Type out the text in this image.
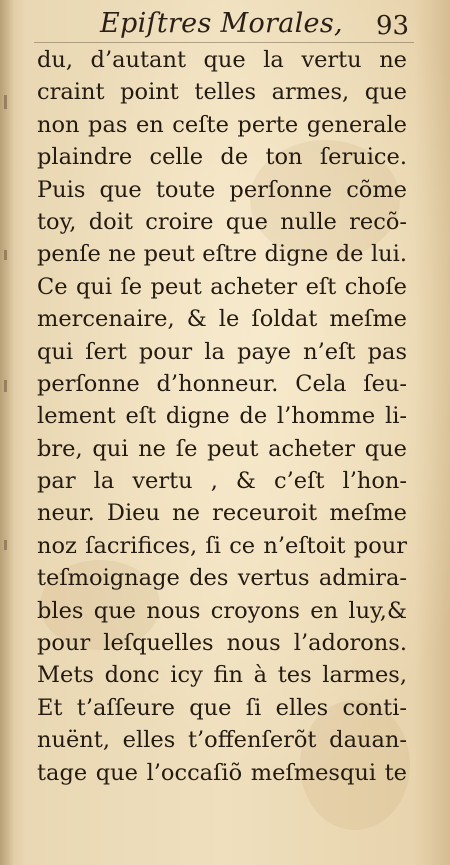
Epiſtres Morales, 93
du, d’autant que la vertu ne
craint point telles armes, que
non pas en ceſte perte generale
plaindre celle de ton ſeruice.
Puis que toute perſonne cõme
toy, doit croire que nulle recõ-
penſe ne peut eſtre digne de lui.
Ce qui ſe peut acheter eſt choſe
mercenaire, & le ſoldat meſme
qui ſert pour la paye n’eſt pas
perſonne d’honneur. Cela ſeu-
lement eſt digne de l’homme li-
bre, qui ne ſe peut acheter que
par la vertu , & c’eſt l’hon-
neur. Dieu ne receuroit meſme
noz ſacrifices, ſi ce n’eſtoit pour
teſmoignage des vertus admira-
bles que nous croyons en luy,&
pour leſquelles nous l’adorons.
Mets donc icy fin à tes larmes,
Et t’aſſeure que ſi elles conti-
nuënt, elles t’offenſerõt dauan-
tage que l’occaſiõ meſmesqui te
